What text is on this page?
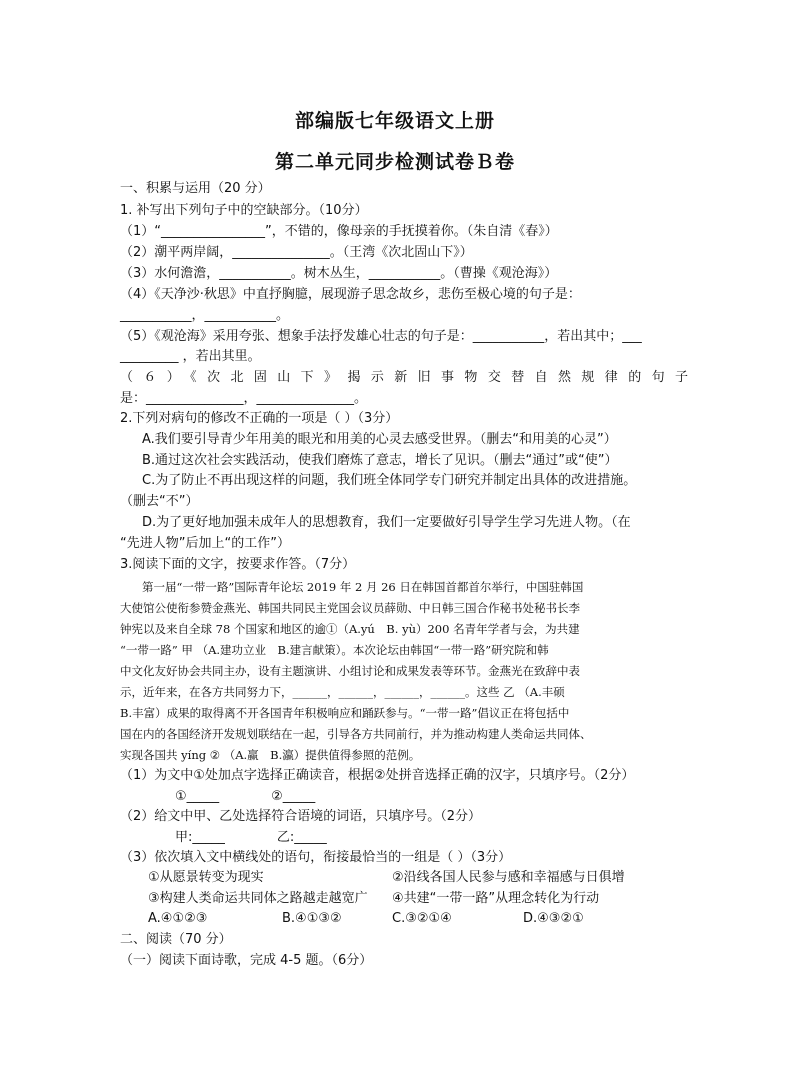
部编版七年级语文上册
第二单元同步检测试卷Ｂ卷
一、积累与运用（20 分）
1. 补写出下列句子中的空缺部分。（10分）
（1）“________________”，不错的，像母亲的手抚摸着你。（朱自清《春》）
（2）潮平两岸阔，_______________。（王湾《次北固山下》）
（3）水何澹澹，___________。树木丛生，___________。（曹操《观沧海》）
（4）《天净沙·秋思》中直抒胸臆，展现游子思念故乡，悲伤至极心境的句子是：
___________，___________。
（5）《观沧海》采用夸张、想象手法抒发雄心壮志的句子是：___________，若出其中；___
_________ ，若出其里。
（６）《次北固山下》揭示新旧事物交替自然规律的句子
是：_______________，_______________。
2.下列对病句的修改不正确的一项是（ ）（3分）
A.我们要引导青少年用美的眼光和用美的心灵去感受世界。（删去“和用美的心灵”）
B.通过这次社会实践活动，使我们磨炼了意志，增长了见识。（删去“通过”或“使”）
C.为了防止不再出现这样的问题，我们班全体同学专门研究并制定出具体的改进措施。
（删去“不”）
D.为了更好地加强未成年人的思想教育，我们一定要做好引导学生学习先进人物。（在
“先进人物”后加上“的工作”）
3.阅读下面的文字，按要求作答。（7分）
第一届“一带一路”国际青年论坛 2019 年 2 月 26 日在韩国首都首尔举行，中国驻韩国
大使馆公使衔参赞金燕光、韩国共同民主党国会议员薛勋、中日韩三国合作秘书处秘书长李
钟宪以及来自全球 78 个国家和地区的逾①（A.yú　B. yù）200 名青年学者与会，为共建
“一带一路” 甲 （A.建功立业　B.建言献策）。本次论坛由韩国“一带一路”研究院和韩
中文化友好协会共同主办，设有主题演讲、小组讨论和成果发表等环节。金燕光在致辞中表
示，近年来，在各方共同努力下，______，______，______，______。这些 乙 （A.丰硕
B.丰富）成果的取得离不开各国青年积极响应和踊跃参与。“一带一路”倡议正在将包括中
国在内的各国经济开发规划联结在一起，引导各方共同前行，并为推动构建人类命运共同体、
实现各国共 yíng ② （A.赢　B.瀛）提供值得参照的范例。
（1）为文中①处加点字选择正确读音，根据②处拼音选择正确的汉字，只填序号。（2分）
①_____　　　　②_____
（2）给文中甲、乙处选择符合语境的词语，只填序号。（2分）
甲:_____　　　　乙:_____
（3）依次填入文中横线处的语句，衔接最恰当的一组是（ ）（3分）
①从愿景转变为现实	②沿线各国人民参与感和幸福感与日俱增
③构建人类命运共同体之路越走越宽广 ④共建“一带一路”从理念转化为行动
A.④①②③	B.④①③②	C.③②①④	D.④③②①
二、阅读（70 分）
（一）阅读下面诗歌，完成 4-5 题。（6分）
